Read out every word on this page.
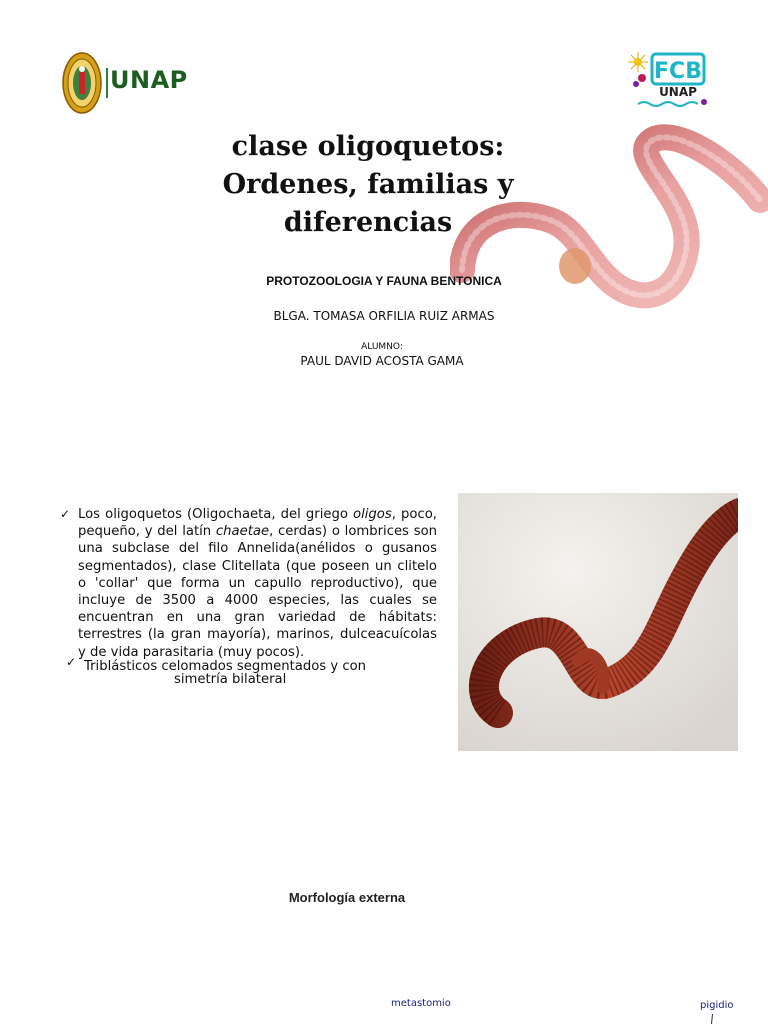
UNAP	FCB
UNAP
clase oligoquetos:
Ordenes, familias y
diferencias
PROTOZOOLOGIA Y FAUNA BENTONICA
BLGA. TOMASA ORFILIA RUIZ ARMAS
ALUMNO:
PAUL DAVID ACOSTA GAMA
✓ Los oligoquetos (Oligochaeta, del griego oligos, poco, pequeño, y del latín chaetae, cerdas) o lombrices son una subclase del filo Annelida(anélidos o gusanos segmentados), clase Clitellata (que poseen un clitelo o 'collar' que forma un capullo reproductivo), que incluye de 3500 a 4000 especies, las cuales se encuentran en una gran variedad de hábitats: terrestres (la gran mayoría), marinos, dulceacuícolas y de vida parasitaria (muy pocos).
✓ Triblásticos celomados segmentados y con
simetría bilateral
Morfología externa
metastomio	pigidio
